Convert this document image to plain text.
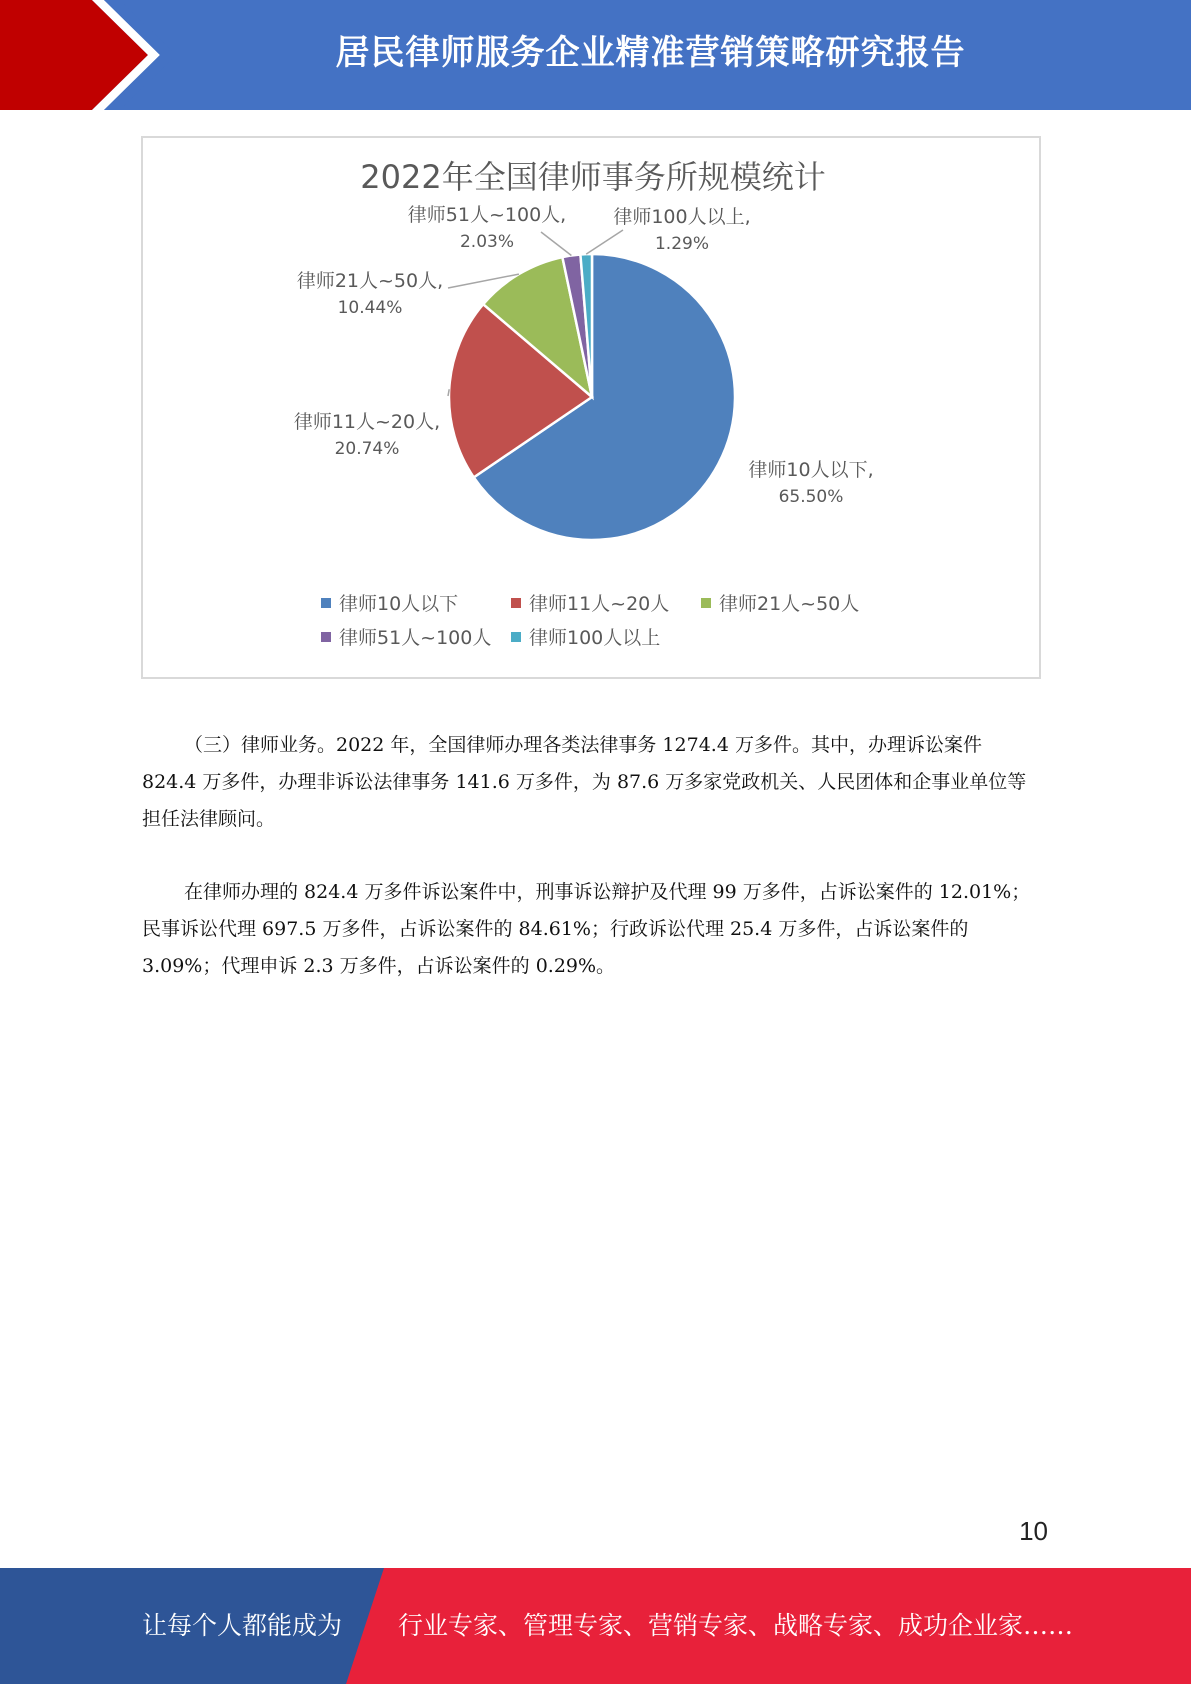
居民律师服务企业精准营销策略研究报告
2022年全国律师事务所规模统计
律师10人以下,
65.50%
律师11人~20人,
20.74%
律师21人~50人,
10.44%
律师51人~100人,
2.03%
律师100人以上,
1.29%
律师10人以下	律师11人~20人	律师21人~50人
律师51人~100人 律师100人以上

（三）律师业务。2022 年，全国律师办理各类法律事务 1274.4 万多件。其中，办理诉讼案件 824.4 万多件，办理非诉讼法律事务 141.6 万多件，为 87.6 万多家党政机关、人民团体和企事业单位等担任法律顾问。

在律师办理的 824.4 万多件诉讼案件中，刑事诉讼辩护及代理 99 万多件，占诉讼案件的 12.01%；民事诉讼代理 697.5 万多件，占诉讼案件的 84.61%；行政诉讼代理 25.4 万多件，占诉讼案件的 3.09%；代理申诉 2.3 万多件，占诉讼案件的 0.29%。

10
让每个人都能成为 行业专家、管理专家、营销专家、战略专家、成功企业家……
